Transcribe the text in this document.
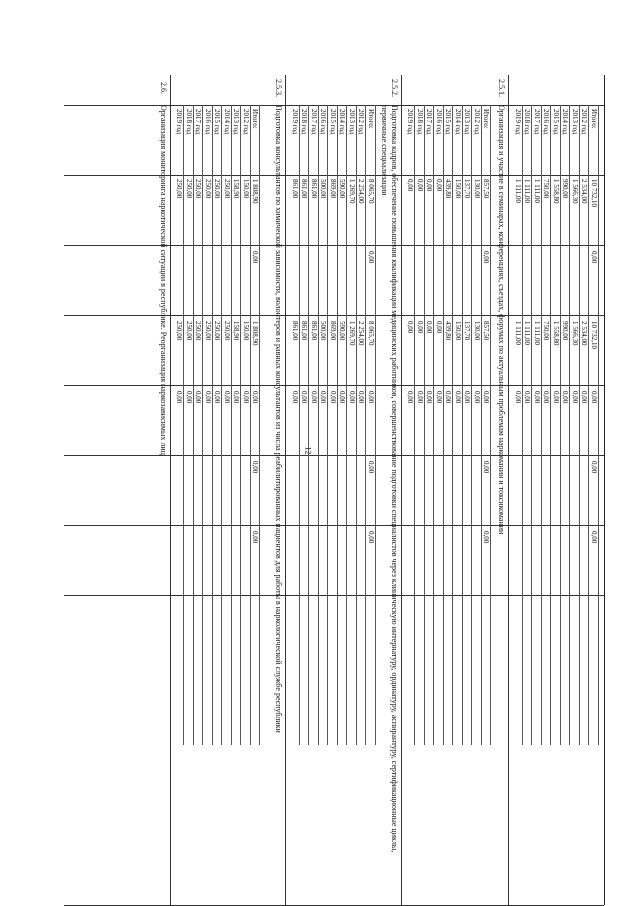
12
Итого:
10 732,10
0,00
10 732,10
0,00
0,00
0,00
2012 год
2 534,00
2 534,00
0,00
2013 год
1 566,30
1 566,30
0,00
2014 год
990,00
990,00
0,00
2015 год
1 558,80
1 558,80
0,00
2016 год
750,00
750,00
0,00
2017 год
1 111,00
1 111,00
0,00
2018 год
1 111,00
1 111,00
0,00
2019 год
1 111,00
1 111,00
0,00
2.5.1.
Организация и участие в семинарах, конференциях, съездах, форумах по актуальным проблемам наркомании и токсикомании
Итого:
857,50
0,00
857,50
0,00
0,00
0,00
2012 год
130,00
130,00
0,00
2013 год
137,70
137,70
0,00
2014 год
150,00
150,00
0,00
2015 год
439,80
439,80
0,00
2016 год
0,00
0,00
0,00
2017 год
0,00
0,00
0,00
2018 год
0,00
0,00
0,00
2019 год
0,00
0,00
0,00
2.5.2.
Подготовка кадров, обеспечение повышения квалификации медицинских работников, совершенствование подготовки специалистов через клиническую интернатуру, ординатуру, аспирантуру, сертификационные циклы, первичные специализации
Итого:
8 065,70
0,00
8 065,70
0,00
0,00
0,00
2012 год
2 254,00
2 254,00
0,00
2013 год
1 269,70
1 269,70
0,00
2014 год
590,00
590,00
0,00
2015 год
869,00
869,00
0,00
2016 год
500,00
500,00
0,00
2017 год
861,00
861,00
0,00
2018 год
861,00
861,00
0,00
2019 год
861,00
861,00
0,00
2.5.3.
Подготовка консультантов по химической зависимости, волонтеров и равных консультантов из числа реабилитированных пациентов для работы в наркологической службе республики
Итого:
1 808,90
0,00
1 808,90
0,00
0,00
0,00
2012 год
150,00
150,00
0,00
2013 год
158,90
158,90
0,00
2014 год
250,00
250,00
0,00
2015 год
250,00
250,00
0,00
2016 год
250,00
250,00
0,00
2017 год
250,00
250,00
0,00
2018 год
250,00
250,00
0,00
2019 год
250,00
250,00
0,00
2.6.
Организация мониторинга наркотической ситуации в республике. Реорганизация наркозависимых лиц
